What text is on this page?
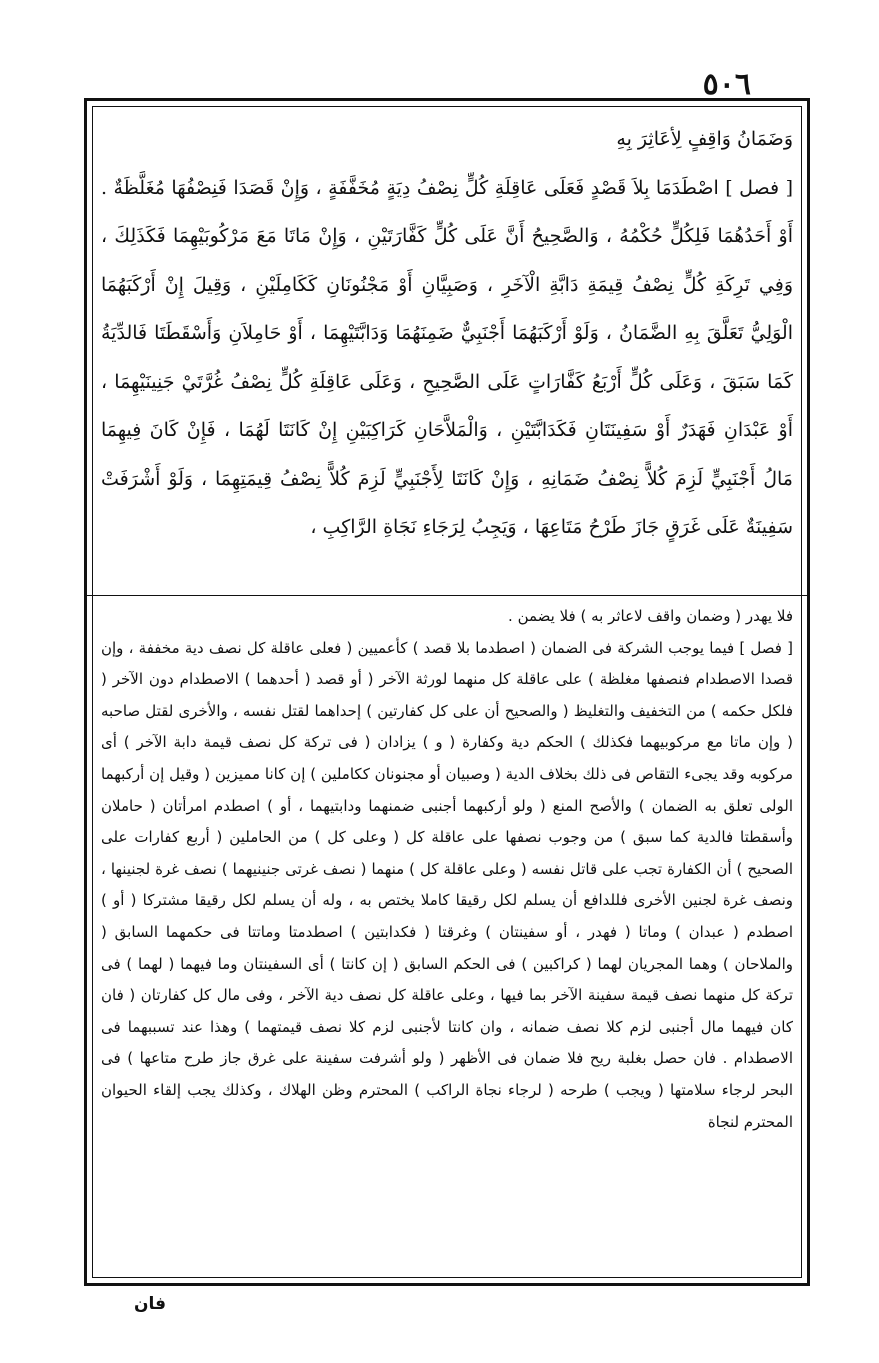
٥٠٦

وَضَمَانُ وَاقِفٍ لِأعَاثِرَ بِهِ

[ فصل ] اصْطَدَمَا بِلاَ قَصْدٍ فَعَلَى عَاقِلَةِ كُلٍّ نِصْفُ دِيَةٍ مُخَفَّفَةٍ ، وَإِنْ قَصَدَا فَنِصْفُهَا مُغَلَّظَةٌ . أَوْ أَحَدُهُمَا فَلِكُلٍّ حُكْمُهُ ، وَالصَّحِيحُ أَنَّ عَلَى كُلٍّ كَفَّارَتَيْنِ ، وَإِنْ مَاتَا مَعَ مَرْكُوبَيْهِمَا فَكَذَلِكَ ، وَفِي تَرِكَةِ كُلٍّ نِصْفُ قِيمَةِ دَابَّةِ الْآخَرِ ، وَصَبِيَّانِ أَوْ مَجْنُونَانِ كَكَامِلَيْنِ ، وَقِيلَ إِنْ أَرْكَبَهُمَا الْوَلِيُّ تَعَلَّقَ بِهِ الضَّمَانُ ، وَلَوْ أَرْكَبَهُمَا أَجْنَبِيٌّ ضَمِنَهُمَا وَدَابَّتَيْهِمَا ، أَوْ حَامِلاَنِ وَأَسْقَطَتَا فَالدِّيَةُ كَمَا سَبَقَ ، وَعَلَى كُلٍّ أَرْبَعُ كَفَّارَاتٍ عَلَى الصَّحِيحِ ، وَعَلَى عَاقِلَةِ كُلٍّ نِصْفُ غُرَّتَيْ جَنِينَيْهِمَا ، أَوْ عَبْدَانِ فَهَدَرٌ أَوْ سَفِينَتَانِ فَكَدَابَّتَيْنِ ، وَالْمَلاَّحَانِ كَرَاكِبَيْنِ إِنْ كَانَتَا لَهُمَا ، فَإِنْ كَانَ فِيهِمَا مَالُ أَجْنَبِيٍّ لَزِمَ كُلاًّ نِصْفُ ضَمَانِهِ ، وَإِنْ كَانَتَا لِأَجْنَبِيٍّ لَزِمَ كُلاًّ نِصْفُ قِيمَتِهِمَا ، وَلَوْ أَشْرَفَتْ سَفِينَةٌ عَلَى غَرَقٍ جَازَ طَرْحُ مَتَاعِهَا ، وَيَجِبُ لِرَجَاءِ نَجَاةِ الرَّاكِبِ ،

فلا يهدر ( وضمان واقف لاعاثر به ) فلا يضمن .

[ فصل ] فيما يوجب الشركة فى الضمان ( اصطدما بلا قصد ) كأعميين ( فعلى عاقلة كل نصف دية مخففة ، وإن قصدا الاصطدام فنصفها مغلظة ) على عاقلة كل منهما لورثة الآخر ( أو قصد ( أحدهما ) الاصطدام دون الآخر ( فلكل حكمه ) من التخفيف والتغليظ ( والصحيح أن على كل كفارتين ) إحداهما لقتل نفسه ، والأخرى لقتل صاحبه ( وإن ماتا مع مركوبيهما فكذلك ) الحكم دية وكفارة ( و ) يزادان ( فى تركة كل نصف قيمة دابة الآخر ) أى مركوبه وقد يجىء التقاص فى ذلك بخلاف الدية ( وصبيان أو مجنونان ككاملين ) إن كانا مميزين ( وقيل إن أركبهما الولى تعلق به الضمان ) والأصح المنع ( ولو أركبهما أجنبى ضمنهما ودابتيهما ، أو ) اصطدم امرأتان ( حاملان وأسقطتا فالدية كما سبق ) من وجوب نصفها على عاقلة كل ( وعلى كل ) من الحاملين ( أربع كفارات على الصحيح ) أن الكفارة تجب على قاتل نفسه ( وعلى عاقلة كل ) منهما ( نصف غرتى جنينيهما ) نصف غرة لجنينها ، ونصف غرة لجنين الأخرى فللدافع أن يسلم لكل رقيقا كاملا يختص به ، وله أن يسلم لكل رقيقا مشتركا ( أو ) اصطدم ( عبدان ) وماتا ( فهدر ، أو سفينتان ) وغرقتا ( فكدابتين ) اصطدمتا وماتتا فى حكمهما السابق ( والملاحان ) وهما المجريان لهما ( كراكبين ) فى الحكم السابق ( إن كانتا ) أى السفينتان وما فيهما ( لهما ) فى تركة كل منهما نصف قيمة سفينة الآخر بما فيها ، وعلى عاقلة كل نصف دية الآخر ، وفى مال كل كفارتان ( فان كان فيهما مال أجنبى لزم كلا نصف ضمانه ، وان كانتا لأجنبى لزم كلا نصف قيمتهما ) وهذا عند تسببهما فى الاصطدام . فان حصل بغلبة ريح فلا ضمان فى الأظهر ( ولو أشرفت سفينة على غرق جاز طرح متاعها ) فى البحر لرجاء سلامتها ( ويجب ) طرحه ( لرجاء نجاة الراكب ) المحترم وظن الهلاك ، وكذلك يجب إلقاء الحيوان المحترم لنجاة

فان
